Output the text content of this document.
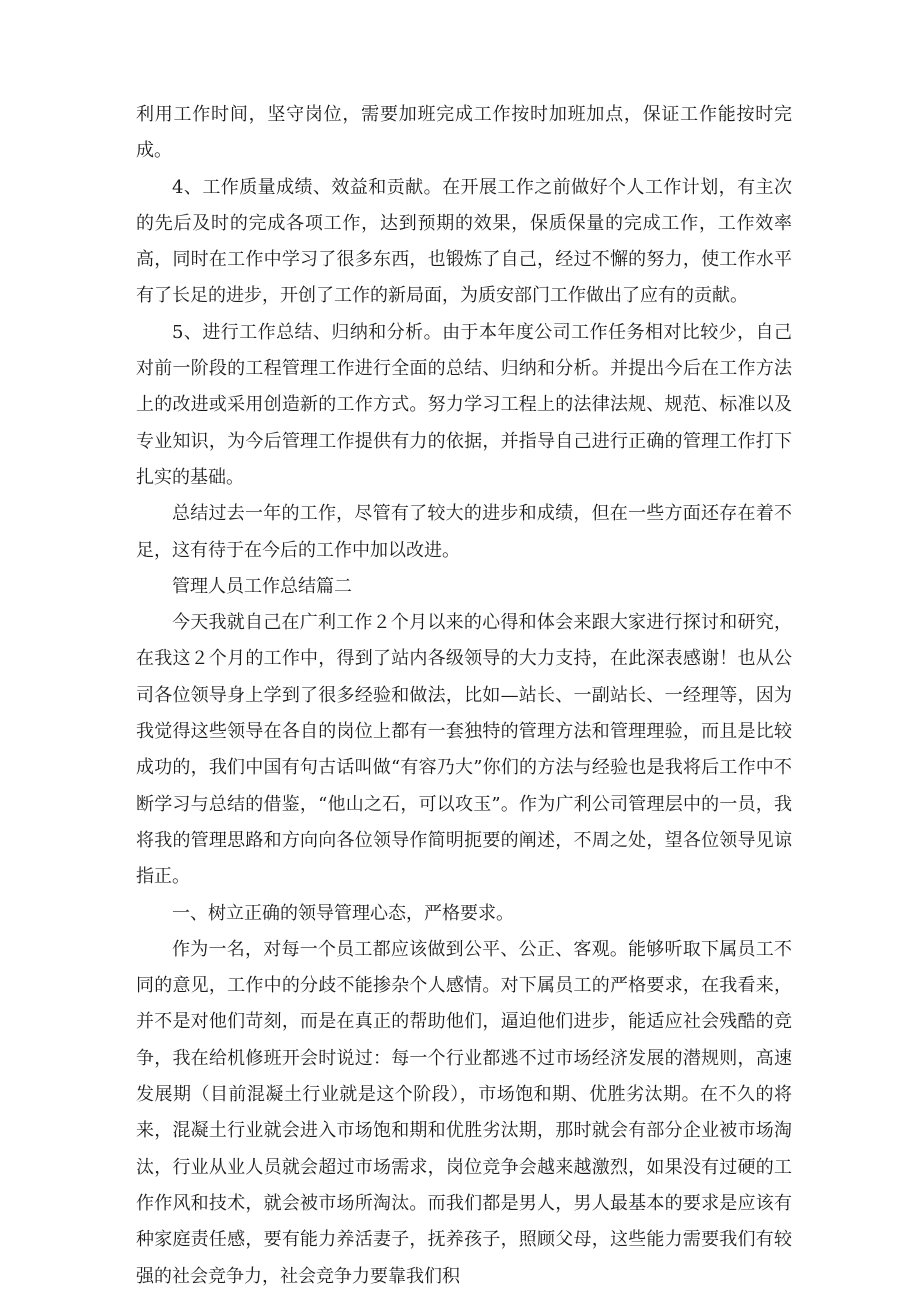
利用工作时间，坚守岗位，需要加班完成工作按时加班加点，保证工作能按时完成。

4、工作质量成绩、效益和贡献。在开展工作之前做好个人工作计划，有主次的先后及时的完成各项工作，达到预期的效果，保质保量的完成工作，工作效率高，同时在工作中学习了很多东西，也锻炼了自己，经过不懈的努力，使工作水平有了长足的进步，开创了工作的新局面，为质安部门工作做出了应有的贡献。

5、进行工作总结、归纳和分析。由于本年度公司工作任务相对比较少，自己对前一阶段的工程管理工作进行全面的总结、归纳和分析。并提出今后在工作方法上的改进或采用创造新的工作方式。努力学习工程上的法律法规、规范、标准以及专业知识，为今后管理工作提供有力的依据，并指导自己进行正确的管理工作打下扎实的基础。

总结过去一年的工作，尽管有了较大的进步和成绩，但在一些方面还存在着不足，这有待于在今后的工作中加以改进。

管理人员工作总结篇二

今天我就自己在广利工作２个月以来的心得和体会来跟大家进行探讨和研究，在我这２个月的工作中，得到了站内各级领导的大力支持，在此深表感谢！也从公司各位领导身上学到了很多经验和做法，比如—站长、一副站长、一经理等，因为我觉得这些领导在各自的岗位上都有一套独特的管理方法和管理理验，而且是比较成功的，我们中国有句古话叫做“有容乃大”你们的方法与经验也是我将后工作中不断学习与总结的借鉴，“他山之石，可以攻玉”。作为广利公司管理层中的一员，我将我的管理思路和方向向各位领导作简明扼要的阐述，不周之处，望各位领导见谅指正。

一、树立正确的领导管理心态，严格要求。

作为一名，对每一个员工都应该做到公平、公正、客观。能够听取下属员工不同的意见，工作中的分歧不能掺杂个人感情。对下属员工的严格要求，在我看来，并不是对他们苛刻，而是在真正的帮助他们，逼迫他们进步，能适应社会残酷的竞争，我在给机修班开会时说过：每一个行业都逃不过市场经济发展的潜规则，高速发展期（目前混凝土行业就是这个阶段），市场饱和期、优胜劣汰期。在不久的将来，混凝土行业就会进入市场饱和期和优胜劣汰期，那时就会有部分企业被市场淘汰，行业从业人员就会超过市场需求，岗位竞争会越来越激烈，如果没有过硬的工作作风和技术，就会被市场所淘汰。而我们都是男人，男人最基本的要求是应该有种家庭责任感，要有能力养活妻子，抚养孩子，照顾父母，这些能力需要我们有较强的社会竞争力，社会竞争力要靠我们积
